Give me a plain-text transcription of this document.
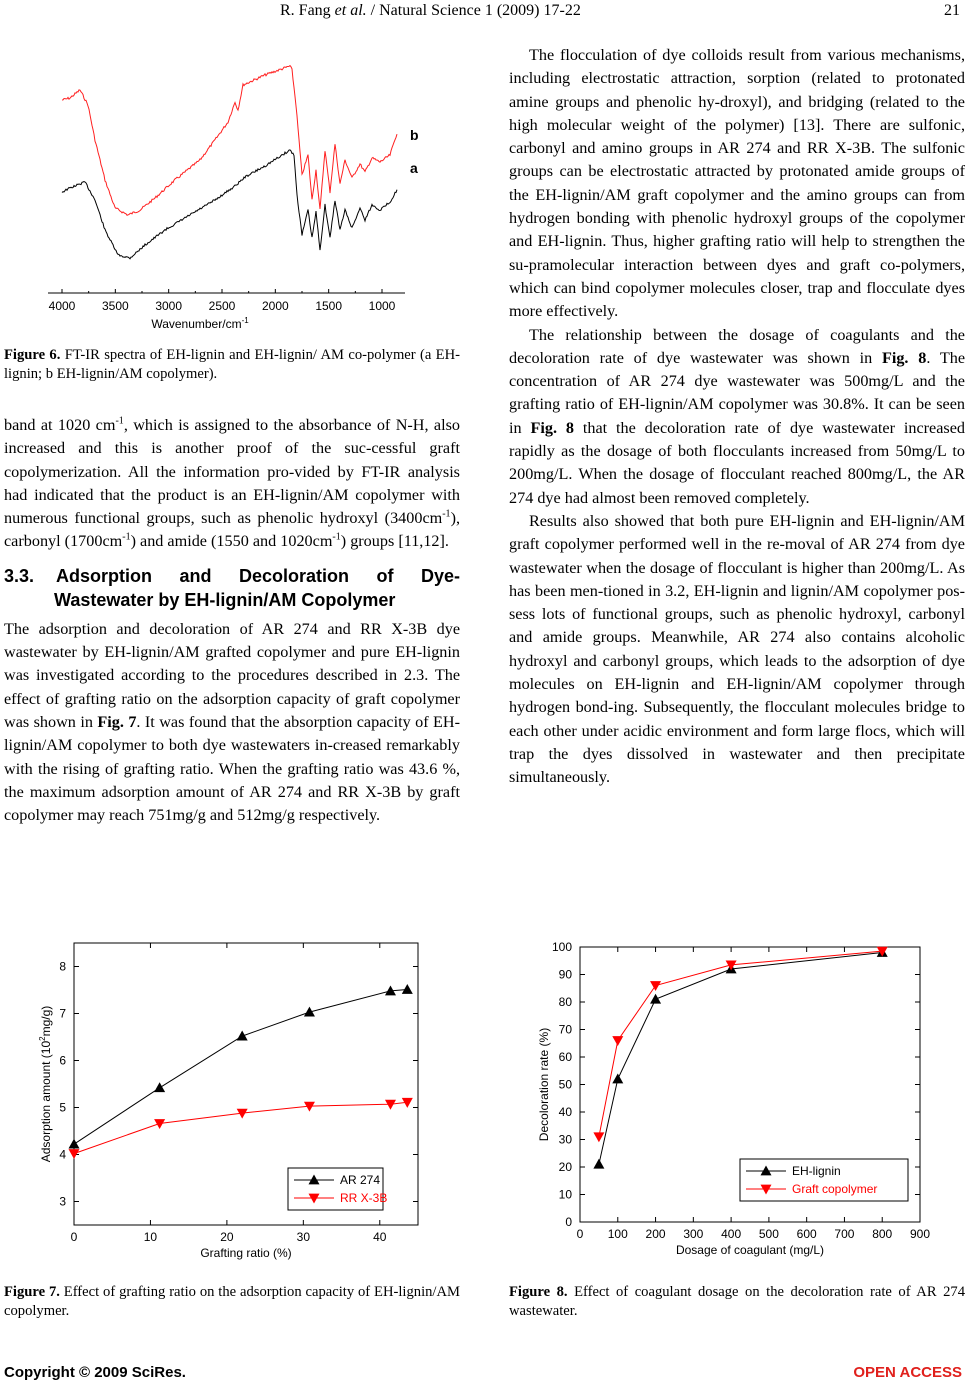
R. Fang et al. / Natural Science 1 (2009) 17-22	21
b
a
4000 3500 3000 2500 2000 1500 1000
Wavenumber/$cm^{-1}$
Figure 6. FT-IR spectra of EH-lignin and EH-lignin/ AM co-polymer (a EH-lignin; b EH-lignin/AM copolymer).

band at 1020 $cm^{-1}$, which is assigned to the absorbance of N-H, also increased and this is another proof of the suc-cessful graft copolymerization. All the information pro-vided by FT-IR analysis had indicated that the product is an EH-lignin/AM copolymer with numerous functional groups, such as phenolic hydroxyl $(3400cm^{-1})$, carbonyl $(1700cm^{-1})$ and amide (1550 and $1020cm^{-1}$) groups [11,12].

3.3. Adsorption and Decoloration of Dye-
Wastewater by EH-lignin/AM Copolymer

The adsorption and decoloration of AR 274 and RR X-3B dye wastewater by EH-lignin/AM grafted copolymer and pure EH-lignin was investigated according to the procedures described in 2.3. The effect of grafting ratio on the adsorption capacity of graft copolymer was shown in Fig. 7. It was found that the absorption capacity of EH-lignin/AM copolymer to both dye wastewaters in-creased remarkably with the rising of grafting ratio. When the grafting ratio was 43.6 %, the maximum adsorption amount of AR 274 and RR X-3B by graft copolymer may reach 751mg/g and 512mg/g respectively.

The flocculation of dye colloids result from various mechanisms, including electrostatic attraction, sorption (related to protonated amine groups and phenolic hy-droxyl), and bridging (related to the high molecular weight of the polymer) [13]. There are sulfonic, carbonyl and amino groups in AR 274 and RR X-3B. The sulfonic groups can be electrostatic attracted by protonated amide groups of the EH-lignin/AM graft copolymer and the amino groups can from hydrogen bonding with phenolic hydroxyl groups of the copolymer and EH-lignin. Thus, higher grafting ratio will help to strengthen the su-pramolecular interaction between dyes and graft co-polymers, which can bind copolymer molecules closer, trap and flocculate dyes more effectively.

The relationship between the dosage of coagulants and the decoloration rate of dye wastewater was shown in Fig. 8. The concentration of AR 274 dye wastewater was 500mg/L and the grafting ratio of EH-lignin/AM copolymer was 30.8%. It can be seen in Fig. 8 that the decoloration rate of dye wastewater increased rapidly as the dosage of both flocculants increased from 50mg/L to 200mg/L. When the dosage of flocculant reached 800mg/L, the AR 274 dye had almost been removed completely.

Results also showed that both pure EH-lignin and EH-lignin/AM graft copolymer performed well in the re-moval of AR 274 from dye wastewater when the dosage of flocculant is higher than 200mg/L. As has been men-tioned in 3.2, EH-lignin and lignin/AM copolymer pos-sess lots of functional groups, such as phenolic hydroxyl, carbonyl and amide groups. Meanwhile, AR 274 also contains alcoholic hydroxyl and carbonyl groups, which leads to the adsorption of dye molecules on EH-lignin and EH-lignin/AM copolymer through hydrogen bond-ing. Subsequently, the flocculant molecules bridge to each other under acidic environment and form large flocs, which will trap the dyes dissolved in wastewater and then precipitate simultaneously.

0	10	20	30	40
3
4
5
6
7
8
Grafting ratio (%)
Adsorption amount $(10^2mg/g)$
AR 274
RR X-3B
Figure 7. Effect of grafting ratio on the adsorption capacity of EH-lignin/AM copolymer.
0 100 200 300 400 500 600 700 800 900
0
10
20
30
40
50
60
70
80
90
100
Dosage of coagulant (mg/L)
Decoloration rate (%)
EH-lignin
Graft copolymer
Figure 8. Effect of coagulant dosage on the decoloration rate of AR 274 wastewater.
Copyright © 2009 SciRes.	OPEN ACCESS
